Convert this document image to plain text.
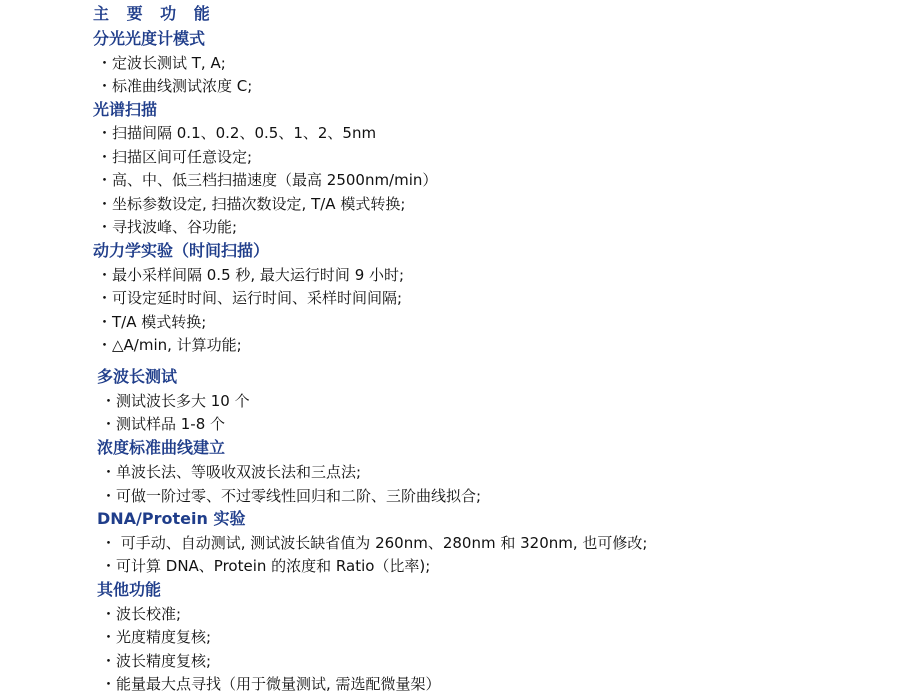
主 要 功 能
分光光度计模式
・定波长测试 T, A;
・标准曲线测试浓度 C;
光谱扫描
・扫描间隔 0.1、0.2、0.5、1、2、5nm
・扫描区间可任意设定;
・高、中、低三档扫描速度（最高 2500nm/min）
・坐标参数设定, 扫描次数设定, T/A 模式转换;
・寻找波峰、谷功能;
动力学实验（时间扫描）
・最小采样间隔 0.5 秒, 最大运行时间 9 小时;
・可设定延时时间、运行时间、采样时间间隔;
・T/A 模式转换;
・△A/min, 计算功能;
多波长测试
・测试波长多大 10 个
・测试样品 1-8 个
浓度标准曲线建立
・单波长法、等吸收双波长法和三点法;
・可做一阶过零、不过零线性回归和二阶、三阶曲线拟合;
DNA/Protein 实验
・ 可手动、自动测试, 测试波长缺省值为 260nm、280nm 和 320nm, 也可修改;
・可计算 DNA、Protein 的浓度和 Ratio（比率);
其他功能
・波长校准;
・光度精度复核;
・波长精度复核;
・能量最大点寻找（用于微量测试, 需选配微量架）
